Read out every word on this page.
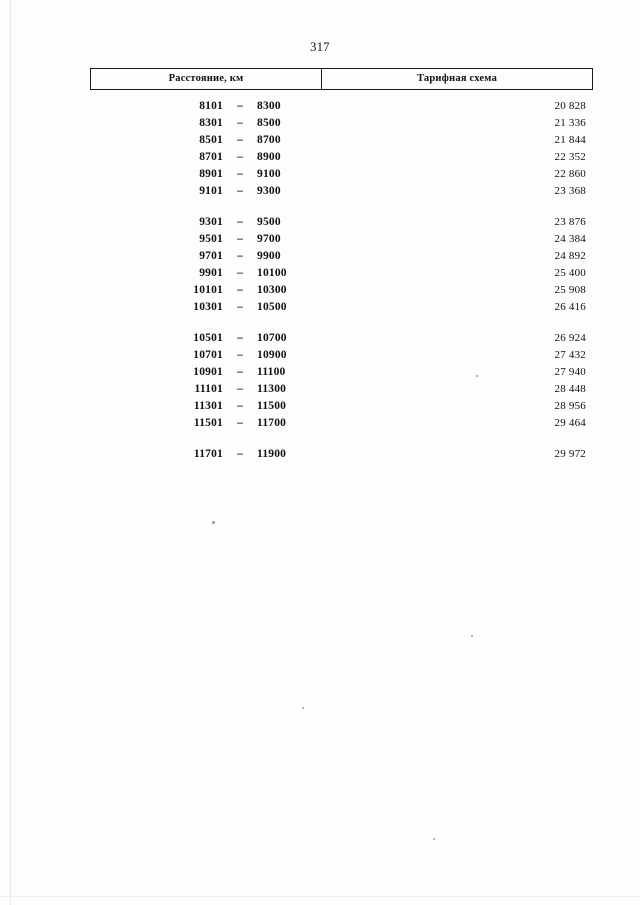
317
Расстояние, км	Тарифная схема
8101	–	8300	20 828
8301	–	8500	21 336
8501	–	8700	21 844
8701	–	8900	22 352
8901	–	9100	22 860
9101	–	9300	23 368
9301	–	9500	23 876
9501	–	9700	24 384
9701	–	9900	24 892
9901	–	10100	25 400
10101	–	10300	25 908
10301	–	10500	26 416
10501	–	10700	26 924
10701	–	10900	27 432
10901	–	11100	27 940
11101	–	11300	28 448
11301	–	11500	28 956
11501	–	11700	29 464
11701	–	11900	29 972
